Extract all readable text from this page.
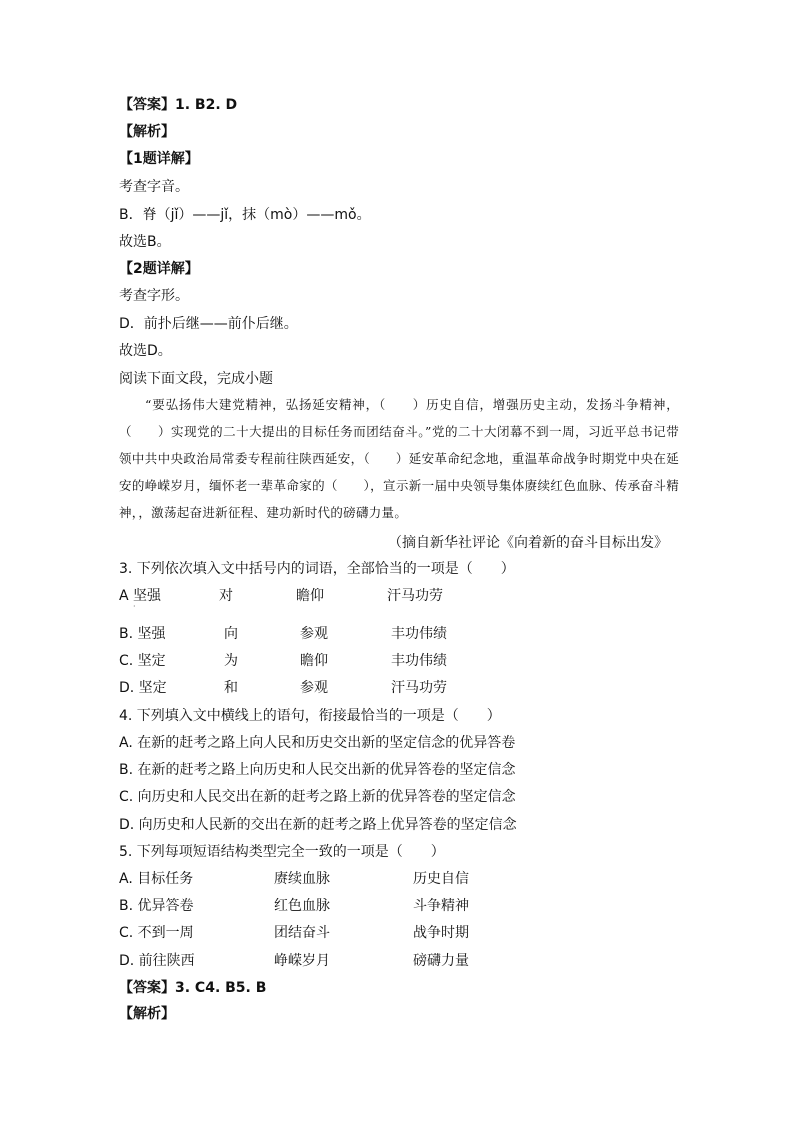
【答案】1. B2. D
【解析】
【1题详解】
考查字音。
B．脊（jǐ）——jǐ，抹（mò）——mǒ。
故选B。
【2题详解】
考查字形。
D．前扑后继——前仆后继。
故选D。
阅读下面文段，完成小题
“要弘扬伟大建党精神，弘扬延安精神，（　　）历史自信，增强历史主动，发扬斗争精神，（　　）实现党的二十大提出的目标任务而团结奋斗。”党的二十大闭幕不到一周，习近平总书记带领中共中央政治局常委专程前往陕西延安，（　　）延安革命纪念地，重温革命战争时期党中央在延安的峥嵘岁月，缅怀老一辈革命家的（　　），宣示新一届中央领导集体赓续红色血脉、传承奋斗精神，，激荡起奋进新征程、建功新时代的磅礴力量。
（摘自新华社评论《向着新的奋斗目标出发》
3. 下列依次填入文中括号内的词语，全部恰当的一项是（　　）
A 坚强	对	瞻仰	汗马功劳
·
B. 坚强	向	参观	丰功伟绩
C. 坚定	为	瞻仰	丰功伟绩
D. 坚定	和	参观	汗马功劳
4. 下列填入文中横线上的语句，衔接最恰当的一项是（　　）
A. 在新的赶考之路上向人民和历史交出新的坚定信念的优异答卷
B. 在新的赶考之路上向历史和人民交出新的优异答卷的坚定信念
C. 向历史和人民交出在新的赶考之路上新的优异答卷的坚定信念
D. 向历史和人民新的交出在新的赶考之路上优异答卷的坚定信念
5. 下列每项短语结构类型完全一致的一项是（　　）
A. 目标任务	赓续血脉	历史自信
B. 优异答卷	红色血脉	斗争精神
C. 不到一周	团结奋斗	战争时期
D. 前往陕西	峥嵘岁月	磅礴力量
【答案】3. C4. B5. B
【解析】
